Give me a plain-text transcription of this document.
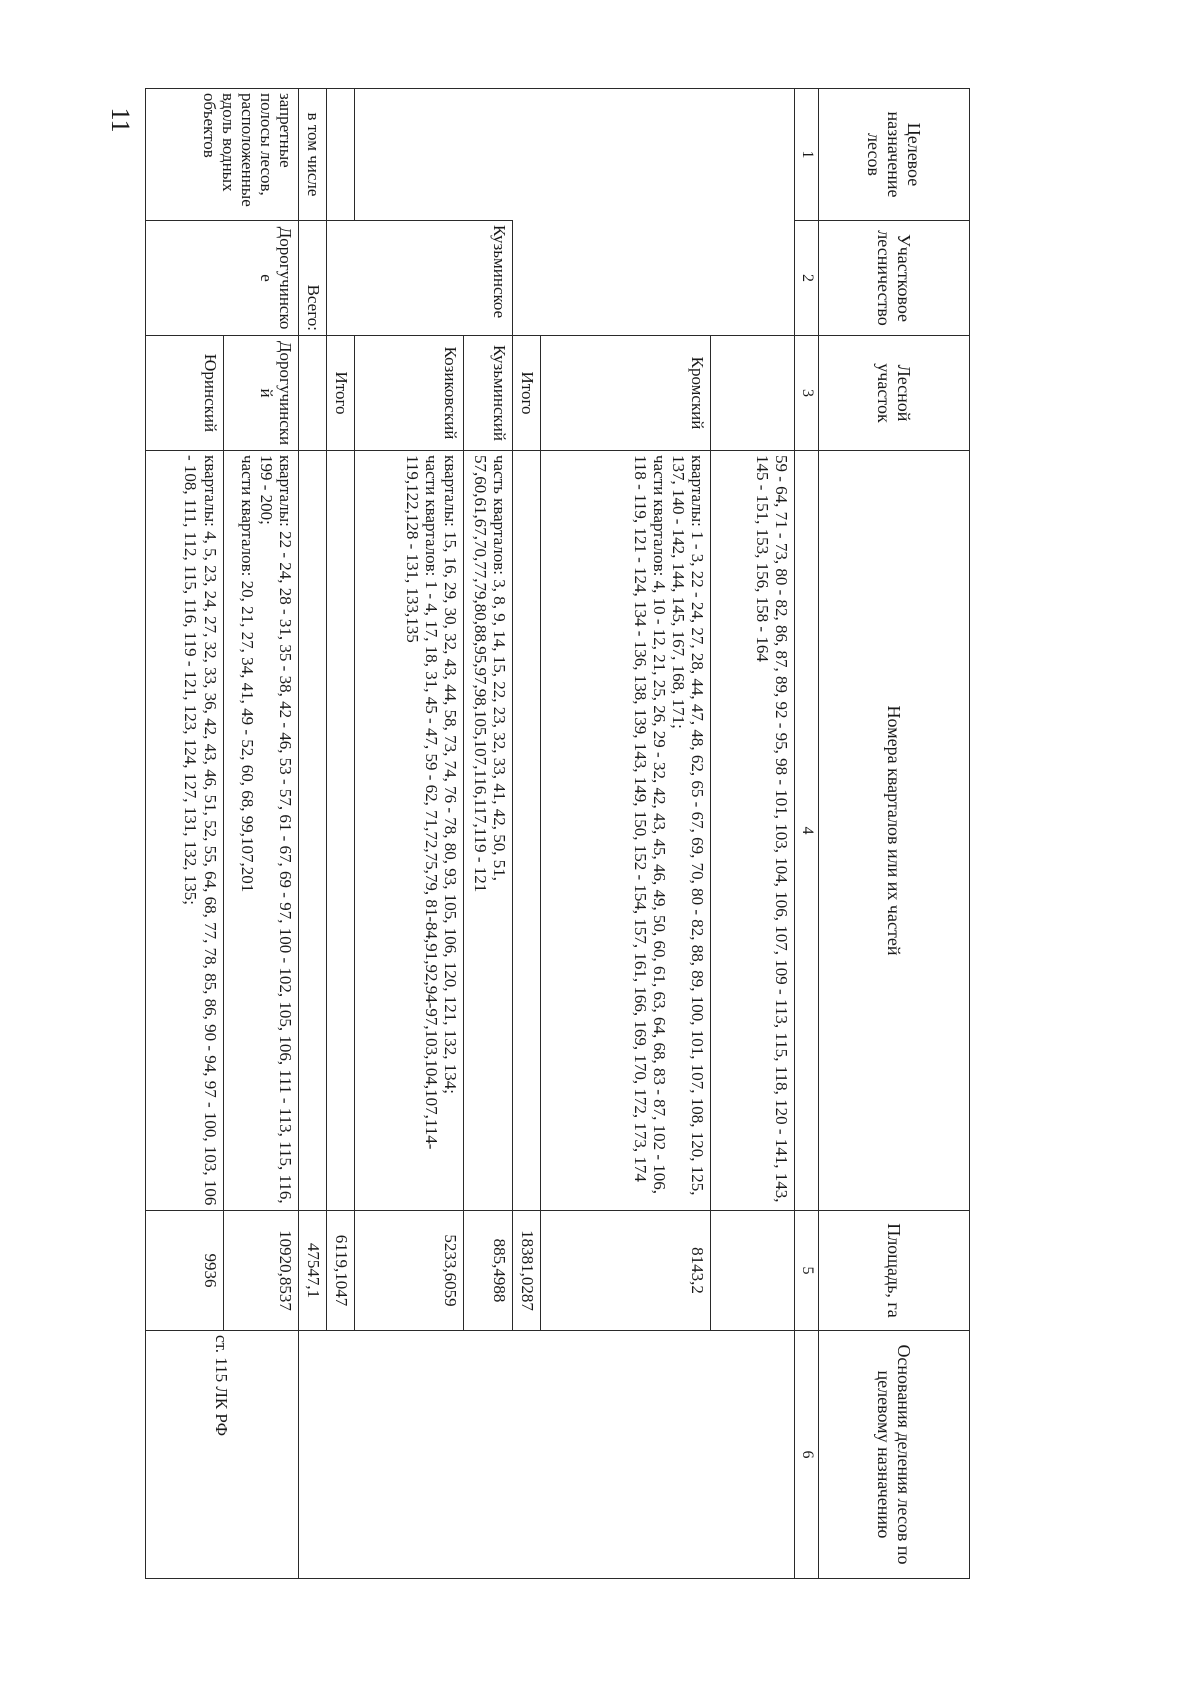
11
Целевое назначение лесов	Участковое лесничество	Лесной участок	Номера кварталов или их частей	Площадь, га	Основания деления лесов по целевому назначению
1	2	3	4	5	6
			59 - 64, 71 - 73, 80 - 82, 86, 87, 89, 92 - 95, 98 - 101, 103, 104, 106, 107, 109 - 113, 115, 118, 120 - 141, 143, 145 - 151, 153, 156, 158 - 164		
		Кромский	кварталы: 1 - 3, 22 - 24, 27, 28, 44, 47, 48, 62, 65 - 67, 69, 70, 80 - 82, 88, 89, 100, 101, 107, 108, 120, 125, 137, 140 - 142, 144, 145, 167, 168, 171;
части кварталов: 4, 10 - 12, 21, 25, 26, 29 - 32, 42, 43, 45, 46, 49, 50, 60, 61, 63, 64, 68, 83 - 87, 102 - 106, 118 - 119, 121 - 124, 134 - 136, 138, 139, 143, 149, 150, 152 - 154, 157, 161, 166, 169, 170, 172, 173, 174	8143,2	
		Итого		18381,0287	
	Кузьминское	Кузьминский	часть кварталов: 3, 8, 9, 14, 15, 22, 23, 32, 33, 41, 42, 50, 51, 57,60,61,67,70,77,79,80,88,95,97,98,105,107,116,117,119 - 121	885,4988	
		Козиковский	кварталы: 15, 16, 29, 30, 32, 43, 44, 58, 73, 74, 76 - 78, 80, 93, 105, 106, 120, 121, 132, 134;
части кварталов: 1 - 4, 17, 18, 31, 45 - 47, 59 - 62, 71,72,75,79, 81-84,91,92,94-97,103,104,107,114-119,122,128 - 131, 133,135	5233,6059	
		Итого		6119,1047	
в том числе	Всего:			47547,1	
запретные полосы лесов, расположенные вдоль водных объектов	Дорогучинское	Дорогучинский	кварталы: 22 - 24, 28 - 31, 35 - 38, 42 - 46, 53 - 57, 61 - 67, 69 - 97, 100 - 102, 105, 106, 111 - 113, 115, 116, 199 - 200;
части кварталов: 20, 21, 27, 34, 41, 49 - 52, 60, 68, 99,107,201	10920,8537	ст. 115 ЛК РФ
		Юринский	кварталы: 4, 5, 23, 24, 27, 32, 33, 36, 42, 43, 46, 51, 52, 55, 64, 68, 77, 78, 85, 86, 90 - 94, 97 - 100, 103, 106 - 108, 111, 112, 115, 116, 119 - 121, 123, 124, 127, 131, 132, 135;	9936	
